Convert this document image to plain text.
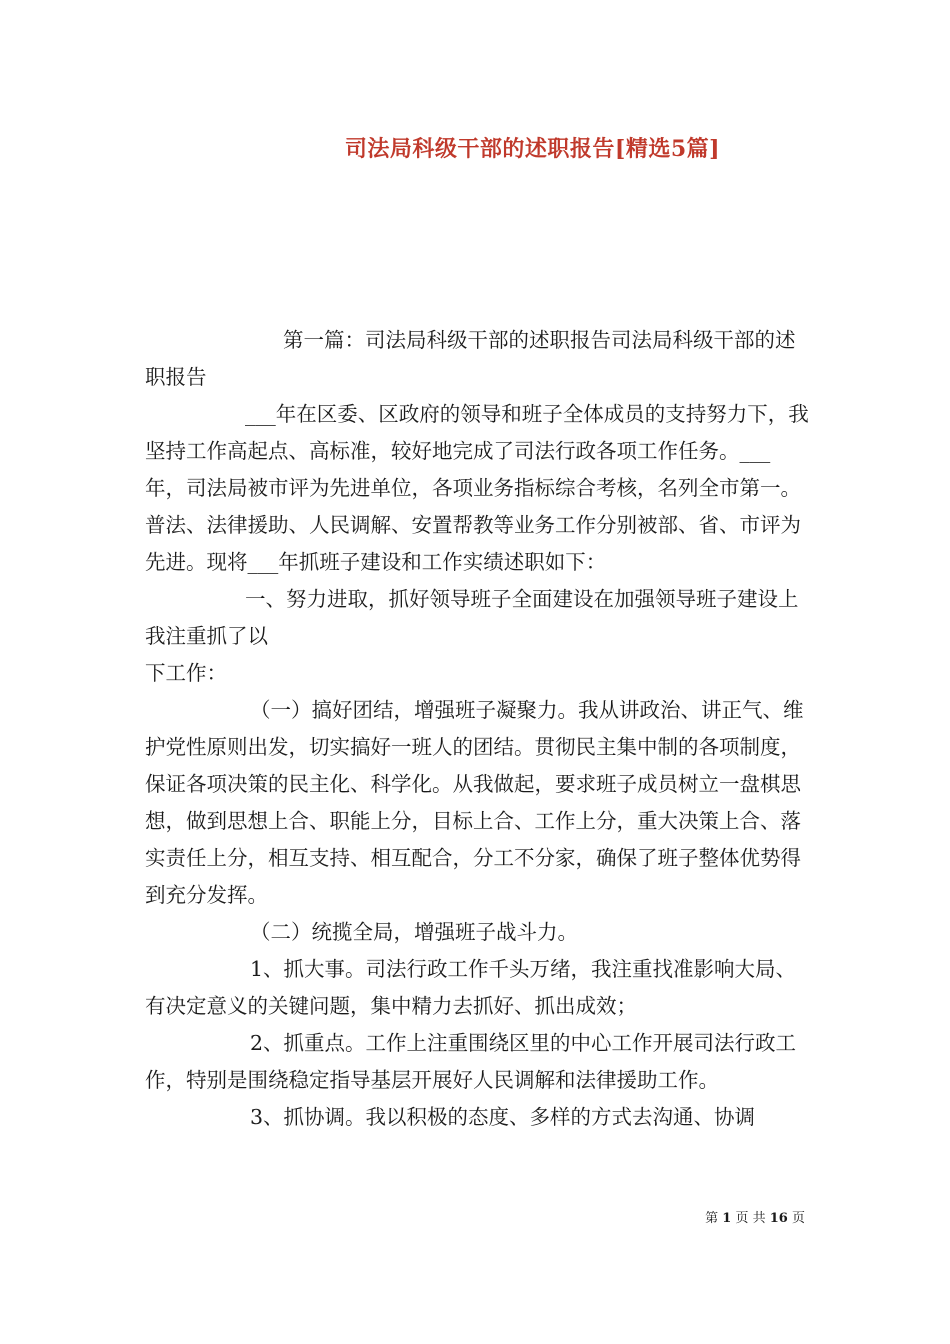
司法局科级干部的述职报告[精选5篇]

第一篇：司法局科级干部的述职报告司法局科级干部的述职报告

___年在区委、区政府的领导和班子全体成员的支持努力下，我坚持工作高起点、高标准，较好地完成了司法行政各项工作任务。___年，司法局被市评为先进单位，各项业务指标综合考核，名列全市第一。普法、法律援助、人民调解、安置帮教等业务工作分别被部、省、市评为先进。现将___年抓班子建设和工作实绩述职如下：

一、努力进取，抓好领导班子全面建设在加强领导班子建设上我注重抓了以

下工作：

（一）搞好团结，增强班子凝聚力。我从讲政治、讲正气、维护党性原则出发，切实搞好一班人的团结。贯彻民主集中制的各项制度，保证各项决策的民主化、科学化。从我做起，要求班子成员树立一盘棋思想，做到思想上合、职能上分，目标上合、工作上分，重大决策上合、落实责任上分，相互支持、相互配合，分工不分家，确保了班子整体优势得到充分发挥。

（二）统揽全局，增强班子战斗力。

1、抓大事。司法行政工作千头万绪，我注重找准影响大局、有决定意义的关键问题，集中精力去抓好、抓出成效；

2、抓重点。工作上注重围绕区里的中心工作开展司法行政工作，特别是围绕稳定指导基层开展好人民调解和法律援助工作。

3、抓协调。我以积极的态度、多样的方式去沟通、协调

第 1 页 共 16 页
